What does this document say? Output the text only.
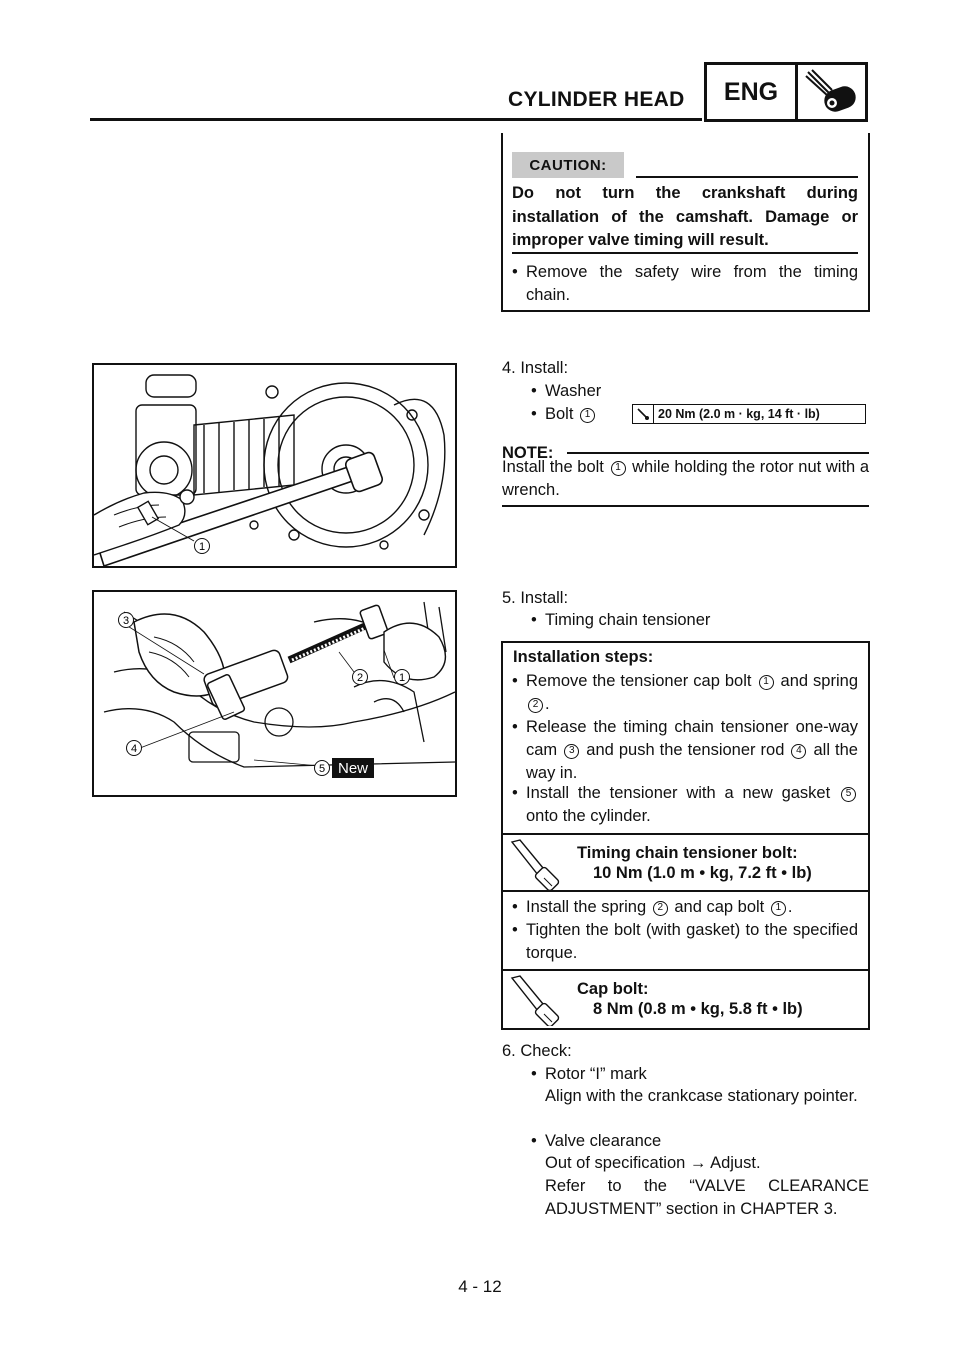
CYLINDER HEAD	ENG
CAUTION:
Do not turn the crankshaft during installation of the camshaft. Damage or improper valve timing will result.
• Remove the safety wire from the timing chain.
1
4. Install:
• Washer
• Bolt 1	20 Nm (2.0 m · kg, 14 ft · lb)
NOTE:
Install the bolt 1 while holding the rotor nut with a wrench.
3
2	1
4
5 New
5. Install:
• Timing chain tensioner
Installation steps:
• Remove the tensioner cap bolt 1 and spring 2 .
• Release the timing chain tensioner one-way cam 3 and push the tensioner rod 4 all the way in.
• Install the tensioner with a new gasket 5 onto the cylinder.
Timing chain tensioner bolt:
10 Nm (1.0 m • kg, 7.2 ft • lb)
• Install the spring 2 and cap bolt 1 .
• Tighten the bolt (with gasket) to the specified torque.
Cap bolt:
8 Nm (0.8 m • kg, 5.8 ft • lb)
6. Check:
• Rotor “I” mark
Align with the crankcase stationary pointer.
• Valve clearance
Out of specification → Adjust.
Refer to the “VALVE CLEARANCE ADJUSTMENT” section in CHAPTER 3.
4 - 12
